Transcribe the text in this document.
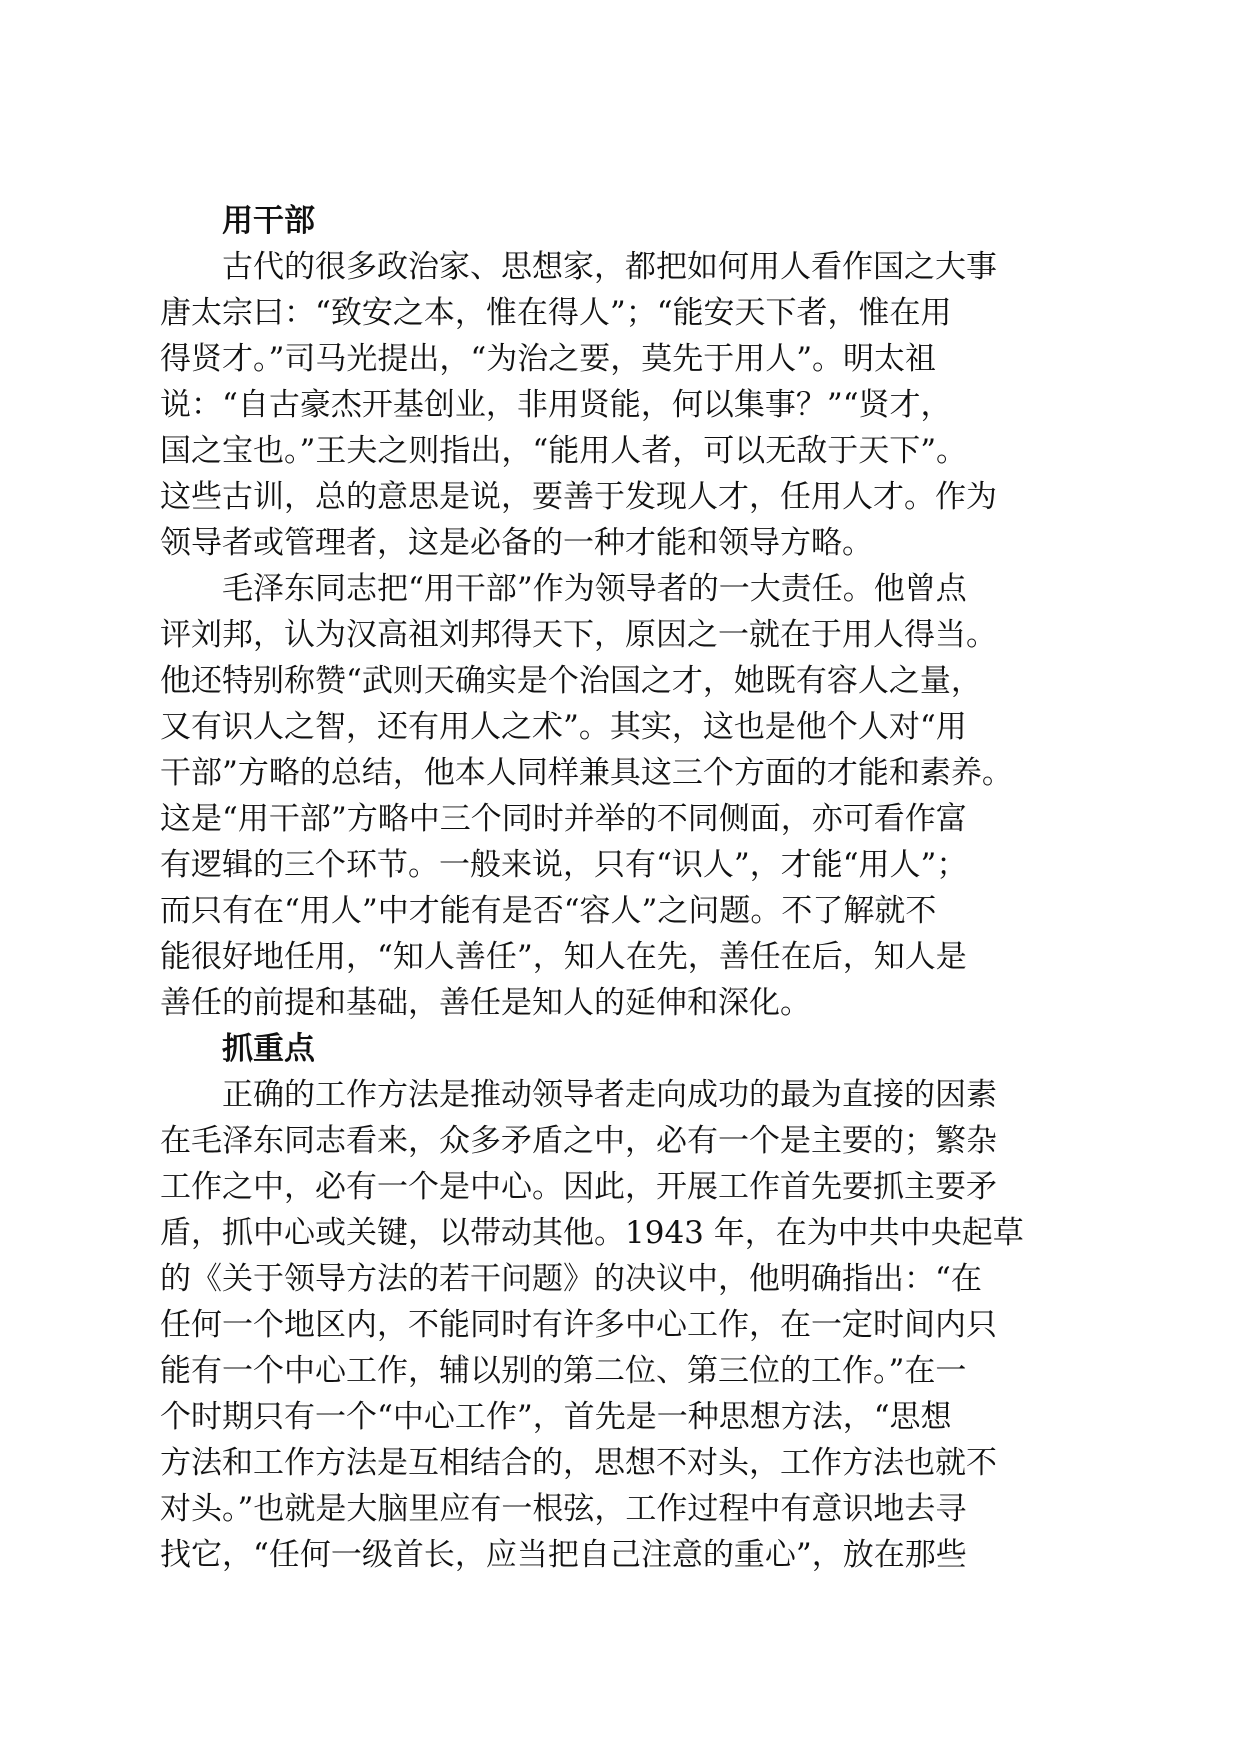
用干部
古代的很多政治家、思想家，都把如何用人看作国之大事
唐太宗曰：“致安之本，惟在得人”；“能安天下者，惟在用
得贤才。”司马光提出，“为治之要，莫先于用人”。明太祖
说：“自古豪杰开基创业，非用贤能，何以集事？”“贤才，
国之宝也。”王夫之则指出，“能用人者，可以无敌于天下”。
这些古训，总的意思是说，要善于发现人才，任用人才。作为
领导者或管理者，这是必备的一种才能和领导方略。
毛泽东同志把“用干部”作为领导者的一大责任。他曾点
评刘邦，认为汉高祖刘邦得天下，原因之一就在于用人得当。
他还特别称赞“武则天确实是个治国之才，她既有容人之量，
又有识人之智，还有用人之术”。其实，这也是他个人对“用
干部”方略的总结，他本人同样兼具这三个方面的才能和素养。
这是“用干部”方略中三个同时并举的不同侧面，亦可看作富
有逻辑的三个环节。一般来说，只有“识人”，才能“用人”；
而只有在“用人”中才能有是否“容人”之问题。不了解就不
能很好地任用，“知人善任”，知人在先，善任在后，知人是
善任的前提和基础，善任是知人的延伸和深化。
抓重点
正确的工作方法是推动领导者走向成功的最为直接的因素
在毛泽东同志看来，众多矛盾之中，必有一个是主要的；繁杂
工作之中，必有一个是中心。因此，开展工作首先要抓主要矛
盾，抓中心或关键，以带动其他。1943 年，在为中共中央起草
的《关于领导方法的若干问题》的决议中，他明确指出：“在
任何一个地区内，不能同时有许多中心工作，在一定时间内只
能有一个中心工作，辅以别的第二位、第三位的工作。”在一
个时期只有一个“中心工作”，首先是一种思想方法，“思想
方法和工作方法是互相结合的，思想不对头，工作方法也就不
对头。”也就是大脑里应有一根弦，工作过程中有意识地去寻
找它，“任何一级首长，应当把自己注意的重心”，放在那些
